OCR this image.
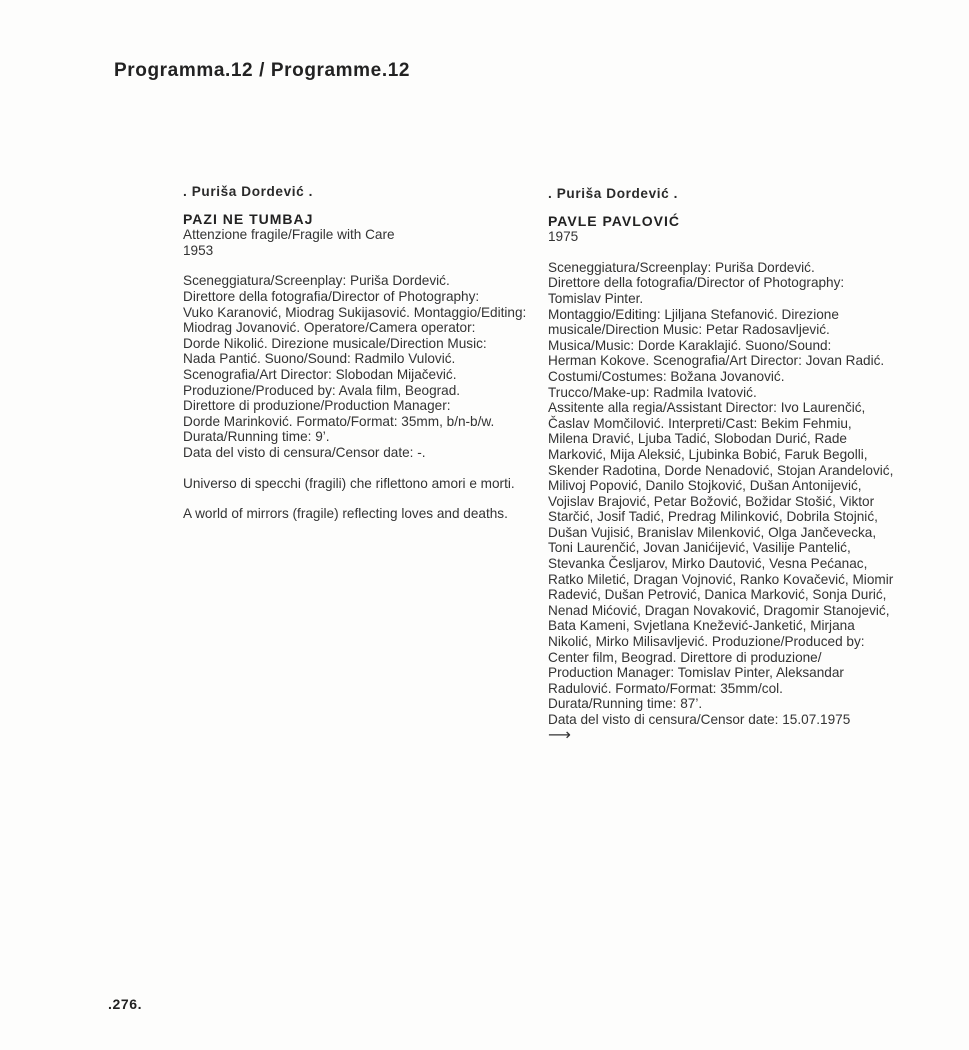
Programma.12 / Programme.12
. Puriša Dordević .
PAZI NE TUMBAJ
Attenzione fragile/Fragile with Care
1953

Sceneggiatura/Screenplay: Puriša Dordević.

Direttore della fotografia/Director of Photography:

Vuko Karanović, Miodrag Sukijasović. Montaggio/Editing:

Miodrag Jovanović. Operatore/Camera operator:

Dorde Nikolić. Direzione musicale/Direction Music:

Nada Pantić. Suono/Sound: Radmilo Vulović.

Scenografia/Art Director: Slobodan Mijačević.

Produzione/Produced by: Avala film, Beograd.

Direttore di produzione/Production Manager:

Dorde Marinković. Formato/Format: 35mm, b/n-b/w.

Durata/Running time: 9’.

Data del visto di censura/Censor date: -.

Universo di specchi (fragili) che riflettono amori e morti.

A world of mirrors (fragile) reflecting loves and deaths.

. Puriša Dordević .
PAVLE PAVLOVIĆ
1975

Sceneggiatura/Screenplay: Puriša Dordević.

Direttore della fotografia/Director of Photography:

Tomislav Pinter.

Montaggio/Editing: Ljiljana Stefanović. Direzione

musicale/Direction Music: Petar Radosavljević.

Musica/Music: Dorde Karaklajić. Suono/Sound:

Herman Kokove. Scenografia/Art Director: Jovan Radić.

Costumi/Costumes: Božana Jovanović.

Trucco/Make-up: Radmila Ivatović.

Assitente alla regia/Assistant Director: Ivo Laurenčić,

Časlav Momčilović. Interpreti/Cast: Bekim Fehmiu,

Milena Dravić, Ljuba Tadić, Slobodan Durić, Rade

Marković, Mija Aleksić, Ljubinka Bobić, Faruk Begolli,

Skender Radotina, Dorde Nenadović, Stojan Arandelović,

Milivoj Popović, Danilo Stojković, Dušan Antonijević,

Vojislav Brajović, Petar Božović, Božidar Stošić, Viktor

Starčić, Josif Tadić, Predrag Milinković, Dobrila Stojnić,

Dušan Vujisić, Branislav Milenković, Olga Jančevecka,

Toni Laurenčić, Jovan Janićijević, Vasilije Pantelić,

Stevanka Česljarov, Mirko Dautović, Vesna Pećanac,

Ratko Miletić, Dragan Vojnović, Ranko Kovačević, Miomir

Radević, Dušan Petrović, Danica Marković, Sonja Durić,

Nenad Mićović, Dragan Novaković, Dragomir Stanojević,

Bata Kameni, Svjetlana Knežević-Janketić, Mirjana

Nikolić, Mirko Milisavljević. Produzione/Produced by:

Center film, Beograd. Direttore di produzione/

Production Manager: Tomislav Pinter, Aleksandar

Radulović. Formato/Format: 35mm/col.

Durata/Running time: 87’.

Data del visto di censura/Censor date: 15.07.1975

⟶
.276.
